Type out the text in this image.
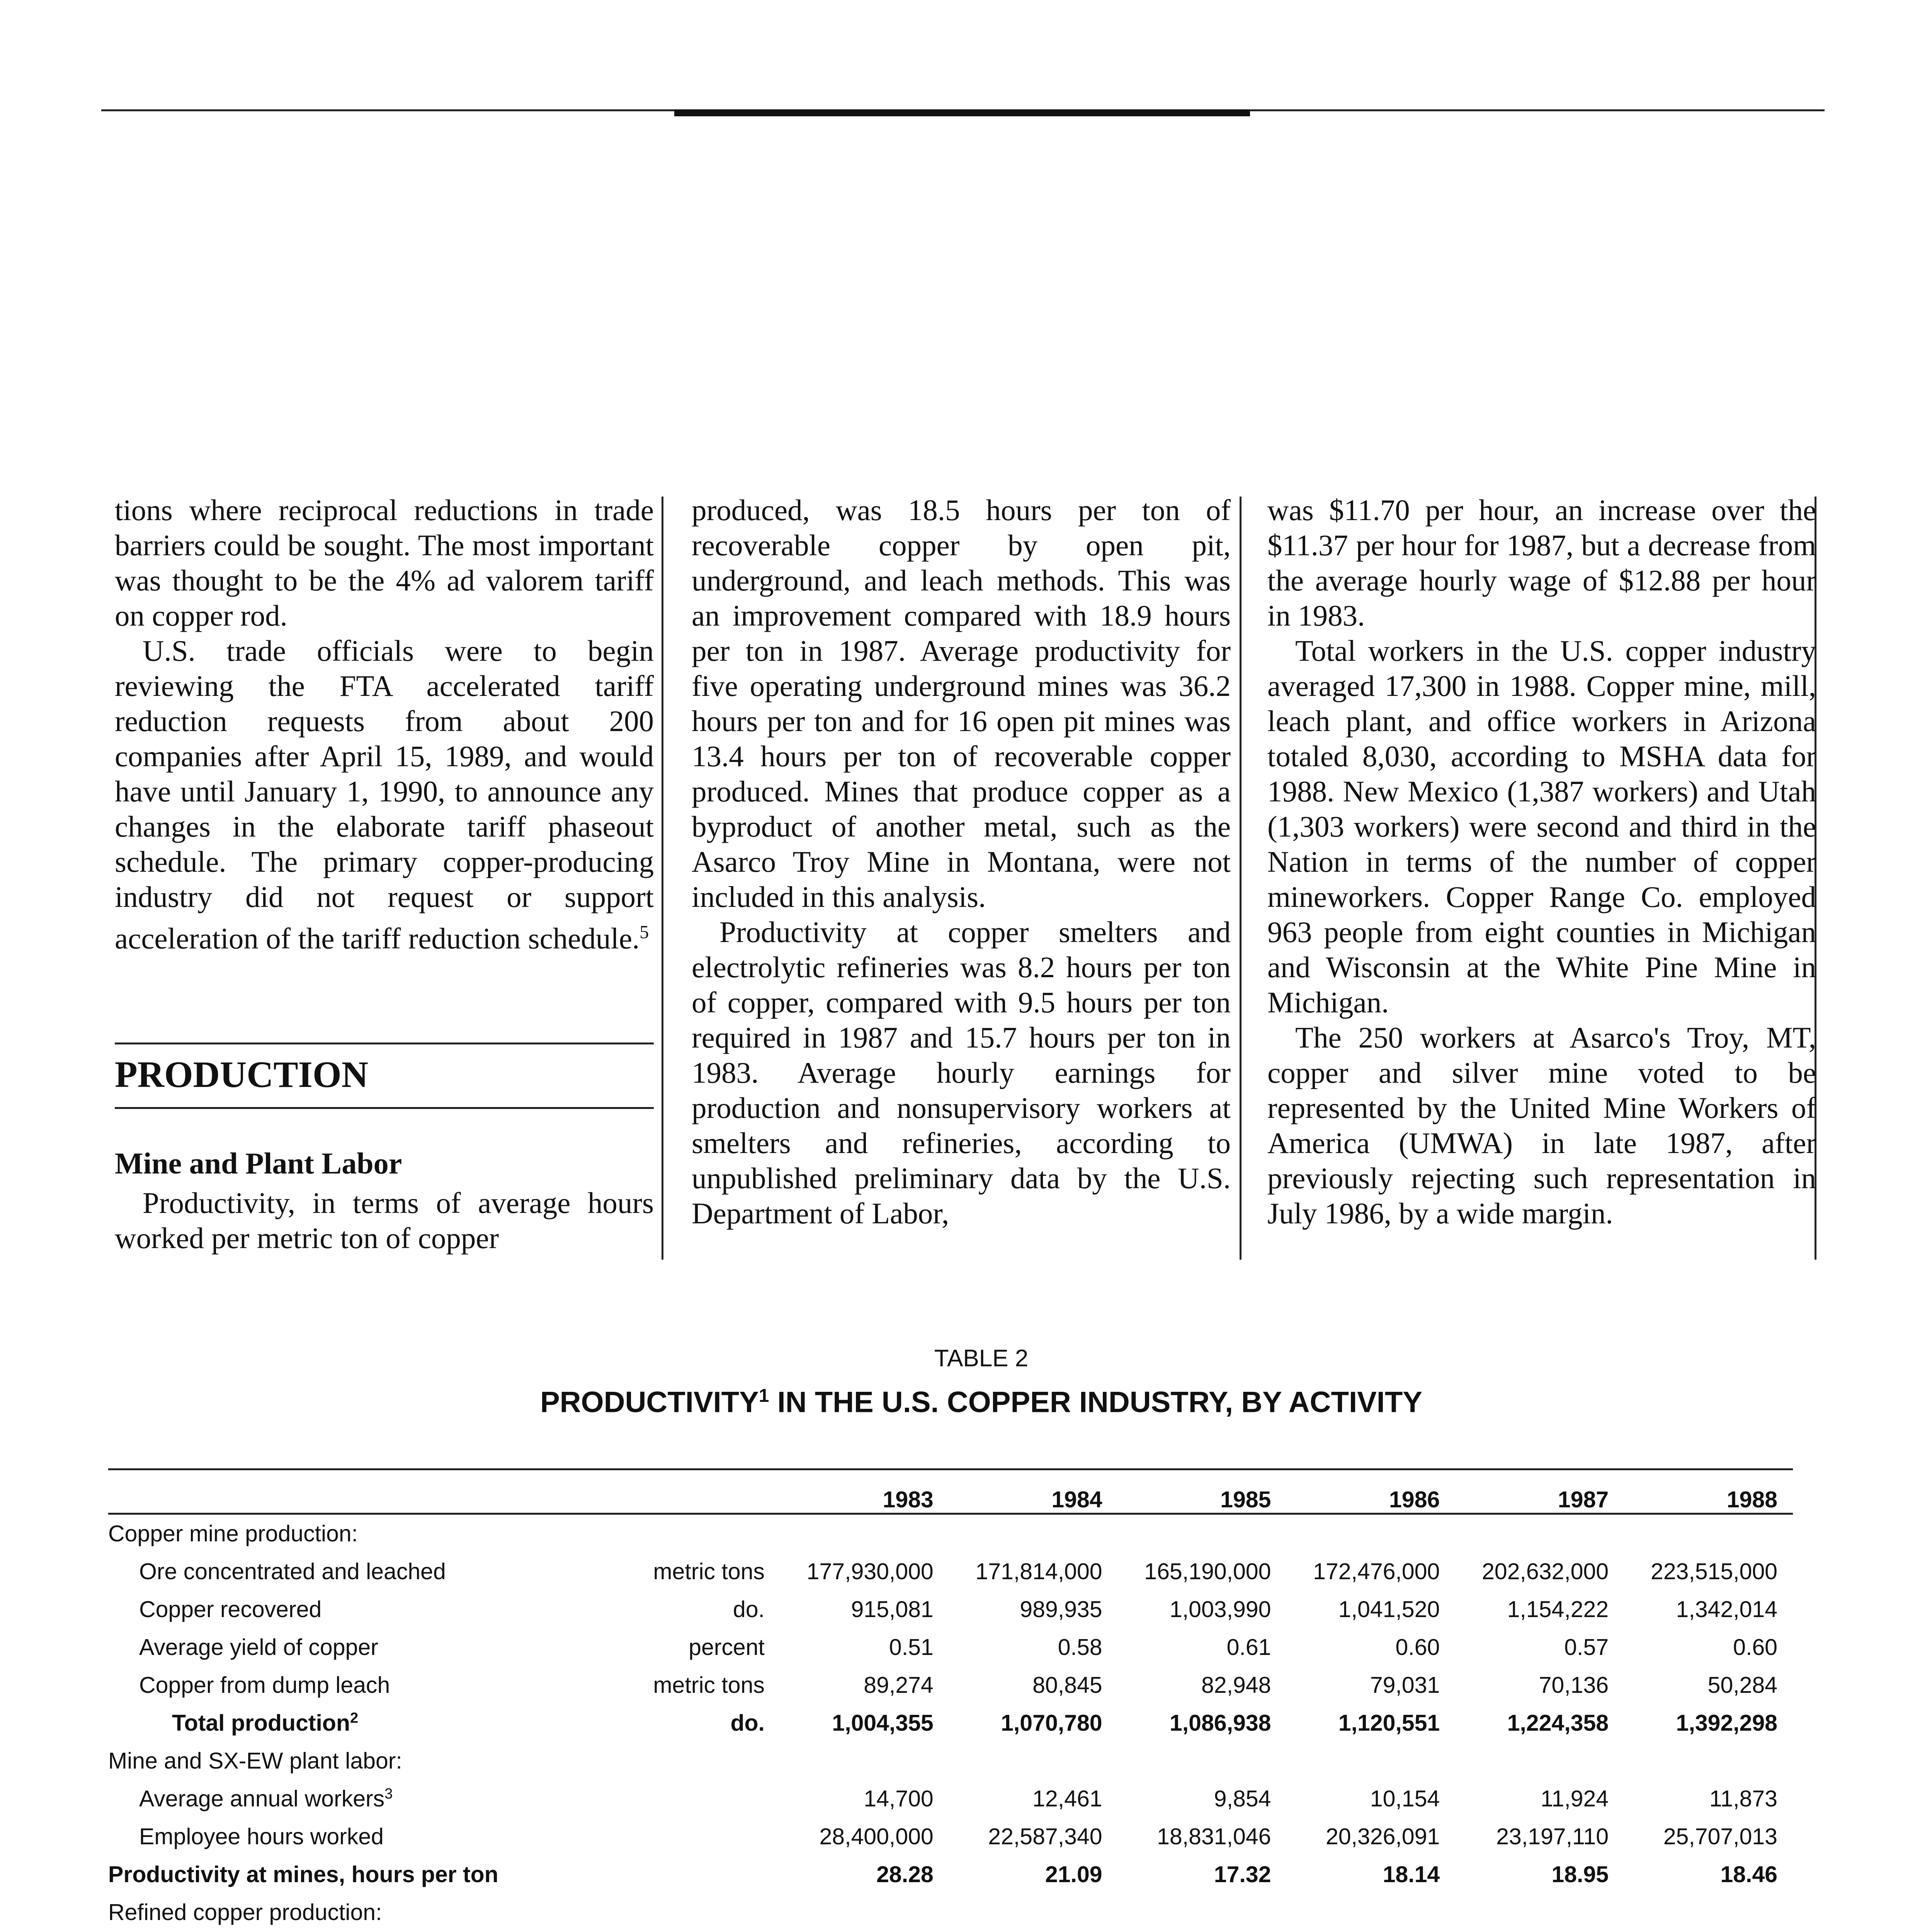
tions where reciprocal reductions in trade barriers could be sought. The most important was thought to be the 4% ad valorem tariff on copper rod.

U.S. trade officials were to begin reviewing the FTA accelerated tariff reduction requests from about 200 companies after April 15, 1989, and would have until January 1, 1990, to announce any changes in the elaborate tariff phaseout schedule. The primary copper-producing industry did not request or support acceleration of the tariff reduction schedule.$^5$

PRODUCTION
Mine and Plant Labor

Productivity, in terms of average hours worked per metric ton of copper

produced, was 18.5 hours per ton of recoverable copper by open pit, underground, and leach methods. This was an improvement compared with 18.9 hours per ton in 1987. Average productivity for five operating underground mines was 36.2 hours per ton and for 16 open pit mines was 13.4 hours per ton of recoverable copper produced. Mines that produce copper as a byproduct of another metal, such as the Asarco Troy Mine in Montana, were not included in this analysis.

Productivity at copper smelters and electrolytic refineries was 8.2 hours per ton of copper, compared with 9.5 hours per ton required in 1987 and 15.7 hours per ton in 1983. Average hourly earnings for production and nonsupervisory workers at smelters and refineries, according to unpublished preliminary data by the U.S. Department of Labor,

was $11.70 per hour, an increase over the $11.37 per hour for 1987, but a decrease from the average hourly wage of $12.88 per hour in 1983.

Total workers in the U.S. copper industry averaged 17,300 in 1988. Copper mine, mill, leach plant, and office workers in Arizona totaled 8,030, according to MSHA data for 1988. New Mexico (1,387 workers) and Utah (1,303 workers) were second and third in the Nation in terms of the number of copper mineworkers. Copper Range Co. employed 963 people from eight counties in Michigan and Wisconsin at the White Pine Mine in Michigan.

The 250 workers at Asarco's Troy, MT, copper and silver mine voted to be represented by the United Mine Workers of America (UMWA) in late 1987, after previously rejecting such representation in July 1986, by a wide margin.

TABLE 2
PRODUCTIVITY$^1$ IN THE U.S. COPPER INDUSTRY, BY ACTIVITY
		1983	1984	1985	1986	1987	1988
Copper mine production:							
Ore concentrated and leached	metric tons	177,930,000	171,814,000	165,190,000	172,476,000	202,632,000	223,515,000
Copper recovered	do.	915,081	989,935	1,003,990	1,041,520	1,154,222	1,342,014
Average yield of copper	percent	0.51	0.58	0.61	0.60	0.57	0.60
Copper from dump leach	metric tons	89,274	80,845	82,948	79,031	70,136	50,284
Total production$^2$	do.	1,004,355	1,070,780	1,086,938	1,120,551	1,224,358	1,392,298
Mine and SX-EW plant labor:							
Average annual workers$^3$		14,700	12,461	9,854	10,154	11,924	11,873
Employee hours worked		28,400,000	22,587,340	18,831,046	20,326,091	23,197,110	25,707,013
Productivity at mines, hours per ton		28.28	21.09	17.32	18.14	18.95	18.46
Refined copper production:							
